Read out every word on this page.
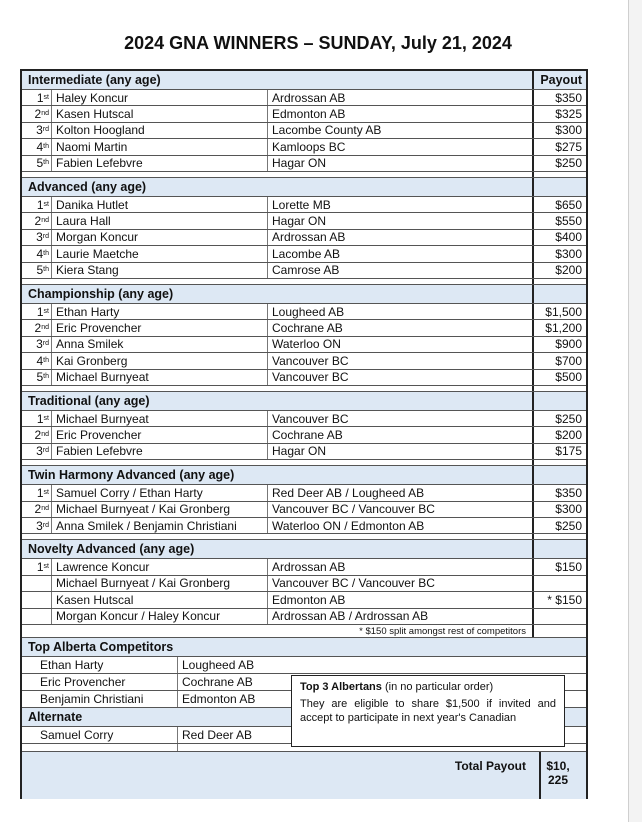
2024 GNA WINNERS – SUNDAY, July 21, 2024
Intermediate (any age)	Payout
1 st Haley Koncur	Ardrossan AB	$350
2 nd Kasen Hutscal	Edmonton AB	$325
3 rd Kolton Hoogland	Lacombe County AB	$300
4 th Naomi Martin	Kamloops BC	$275
5 th Fabien Lefebvre	Hagar ON	$250
Advanced (any age)
1 st Danika Hutlet	Lorette MB	$650
2 nd Laura Hall	Hagar ON	$550
3 rd Morgan Koncur	Ardrossan AB	$400
4 th Laurie Maetche	Lacombe AB	$300
5 th Kiera Stang	Camrose AB	$200
Championship (any age)
1 st Ethan Harty	Lougheed AB	$1,500
2 nd Eric Provencher	Cochrane AB	$1,200
3 rd Anna Smilek	Waterloo ON	$900
4 th Kai Gronberg	Vancouver BC	$700
5 th Michael Burnyeat	Vancouver BC	$500
Traditional (any age)
1 st Michael Burnyeat	Vancouver BC	$250
2 nd Eric Provencher	Cochrane AB	$200
3 rd Fabien Lefebvre	Hagar ON	$175
Twin Harmony Advanced (any age)
1 st Samuel Corry / Ethan Harty	Red Deer AB / Lougheed AB	$350
2 nd Michael Burnyeat / Kai Gronberg	Vancouver BC / Vancouver BC	$300
3 rd Anna Smilek / Benjamin Christiani	Waterloo ON / Edmonton AB	$250
Novelty Advanced (any age)
1 st Lawrence Koncur	Ardrossan AB	$150
Michael Burnyeat / Kai Gronberg	Vancouver BC / Vancouver BC
Kasen Hutscal	Edmonton AB	* $150
Morgan Koncur / Haley Koncur	Ardrossan AB / Ardrossan AB
* $150 split amongst rest of competitors
Top Alberta Competitors
Ethan Harty	Lougheed AB
Eric Provencher	Cochrane AB
Benjamin Christiani	Edmonton AB
Alternate
Samuel Corry	Red Deer AB
Total Payout	$10, 225
Top 3 Albertans (in no particular order)
They are eligible to share $1,500 if invited and accept to participate in next year's Canadian
